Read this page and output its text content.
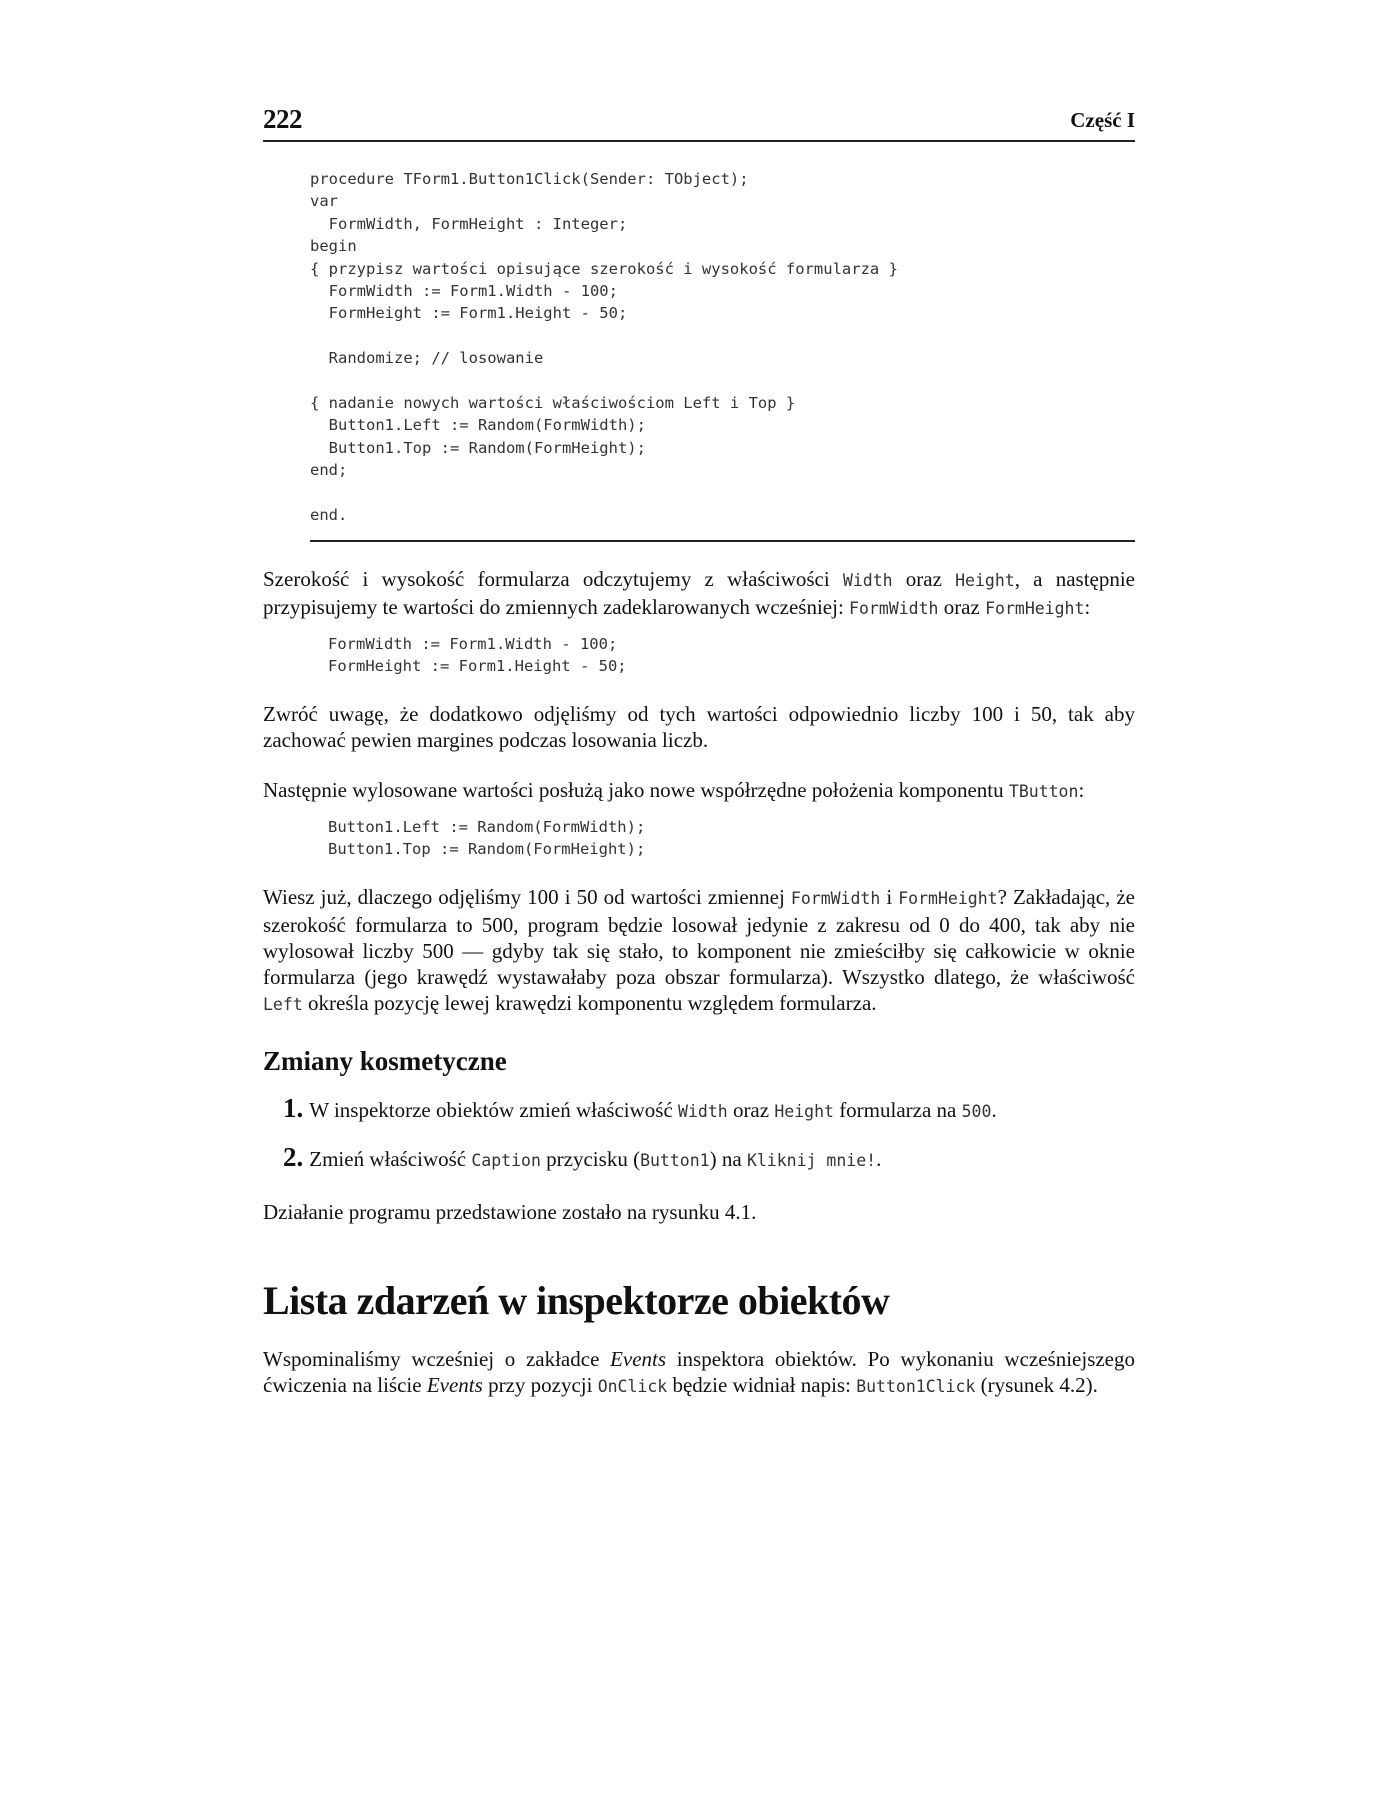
222	Część I
procedure TForm1.Button1Click(Sender: TObject);
var
FormWidth, FormHeight : Integer;
begin
{ przypisz wartości opisujące szerokość i wysokość formularza }
FormWidth := Form1.Width - 100;
FormHeight := Form1.Height - 50;

Randomize; // losowanie

{ nadanie nowych wartości właściwościom Left i Top }
Button1.Left := Random(FormWidth);
Button1.Top := Random(FormHeight);
end;

end.

Szerokość i wysokość formularza odczytujemy z właściwości Width oraz Height, a następnie przypisujemy te wartości do zmiennych zadeklarowanych wcześniej: FormWidth oraz FormHeight:

FormWidth := Form1.Width - 100;
FormHeight := Form1.Height - 50;

Zwróć uwagę, że dodatkowo odjęliśmy od tych wartości odpowiednio liczby 100 i 50, tak aby zachować pewien margines podczas losowania liczb.

Następnie wylosowane wartości posłużą jako nowe współrzędne położenia komponentu TButton:

Button1.Left := Random(FormWidth);
Button1.Top := Random(FormHeight);

Wiesz już, dlaczego odjęliśmy 100 i 50 od wartości zmiennej FormWidth i FormHeight? Zakładając, że szerokość formularza to 500, program będzie losował jedynie z zakresu od 0 do 400, tak aby nie wylosował liczby 500 — gdyby tak się stało, to komponent nie zmieściłby się całkowicie w oknie formularza (jego krawędź wystawałaby poza obszar formularza). Wszystko dlatego, że właściwość Left określa pozycję lewej krawędzi komponentu względem formularza.

Zmiany kosmetyczne

1. W inspektorze obiektów zmień właściwość Width oraz Height formularza na 500.

2. Zmień właściwość Caption przycisku (Button1) na Kliknij mnie!.

Działanie programu przedstawione zostało na rysunku 4.1.

Lista zdarzeń w inspektorze obiektów

Wspominaliśmy wcześniej o zakładce Events inspektora obiektów. Po wykonaniu wcześniejszego ćwiczenia na liście Events przy pozycji OnClick będzie widniał napis: Button1Click (rysunek 4.2).
